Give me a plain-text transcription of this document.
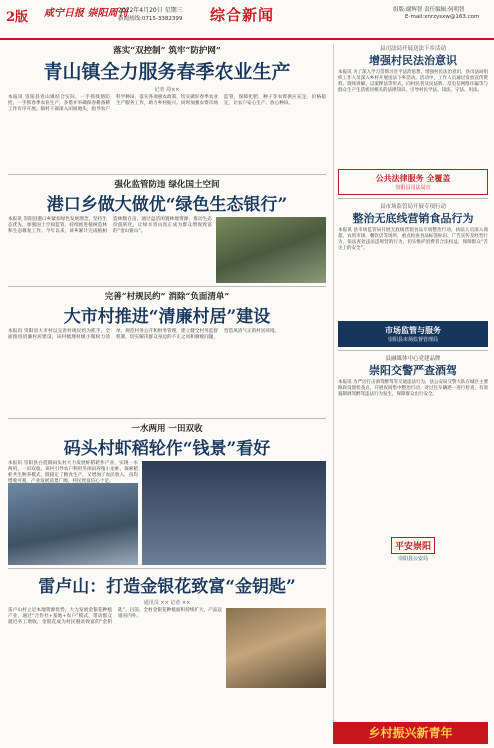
2版 咸宁日报 崇阳周刊
2022年4月20日 星期三
新闻热线:0715-3382399 综合新闻	组版:谢辉智 责任编辑:何明智
E-mail:xnrzysxw@163.com
落实“双控制” 筑牢“防护网”
青山镇全力服务春季农业生产
记者 周××
本报讯 崇阳县青山镇结合实际，一手抓疫情防控、一手抓春季农业生产，多措并举确保春耕备耕工作有序开展。镇村干部深入田间地头，指导农户科学种田，落实各项惠农政策，切实做好春季农业生产服务工作，助力乡村振兴。同时加强农资市场监管，保障化肥、种子等农资供应充足、价格稳定，让农户安心生产、放心种田。
强化监管防违 绿化国土空间
港口乡做大做优“绿色生态银行”
本报讯 崇阳县港口乡紧扣绿色发展理念，坚持生态优先，加强国土空间监管，持续推进植树造林和生态修复工作。今年以来，该乡累计完成植树造林数百亩，通过盘活闲置林地资源，推动生态价值转化，让绿水青山真正成为群众增收致富的“金山银山”。
完善“村规民约” 消除“负面清单”
大市村推进“清廉村居”建设
本报讯 崇阳县大市村以完善村规民约为抓手，全面推进清廉村居建设。该村梳理村级小微权力清单，规范村务公开和财务管理，建立健全村务监督机制，切实解决群众身边的不正之风和腐败问题，营造风清气正的村居环境。
一水两用 一田双收
码头村虾稻轮作“钱景”看好
本报讯 崇阳县白霓镇码头村大力发展虾稻轮作产业，实现一水两用、一田双收。该村引导农户利用冬闲田养殖小龙虾，探索稻虾共生种养模式，既稳定了粮食生产，又增加了农民收入，亩均增收可观，产业发展前景广阔，村民致富信心十足。
雷卢山：打造金银花致富“金钥匙”
通讯员 ×× 记者 ××
雷卢山村立足本地资源优势，大力发展金银花种植产业，通过“合作社+基地+农户”模式，带动群众就近务工增收，金银花成为村民脱贫致富的“金钥匙”。目前，全村金银花种植面积持续扩大，产品远销省内外。
县司法局开展送法下乡活动
增强村民法治意识
本报讯 为了深入学习贯彻习近平法治思想，增强村民法治意识，县司法局组织工作人员深入乡村开展送法下乡活动。活动中，工作人员通过发放宣传资料、现场讲解、以案释法等形式，向村民普及民法典、反电信网络诈骗等与群众生产生活密切相关的法律知识，引导村民学法、知法、守法、用法。
公共法律服务 全覆盖
崇阳县司法局宣
县市场监管局开展专项行动
整治无底线营销食品行为
本报讯 县市场监管局开展无底线营销食品专项整治行动，执法人员深入商超、农贸市场、餐饮店等场所，重点检查食品标签标识、广告宣传及经营行为，依法查处违法违规营销行为，切实维护消费者合法权益，保障群众“舌尖上的安全”。
市场监管与服务
崇阳县市场监督管理局
县融媒体中心党建品牌
崇阳交警严查酒驾
本报讯 为严厉打击酒驾醉驾等交通违法行为，县公安局交警大队在城区主要路段设置检查点，开展夜间集中整治行动，对过往车辆逐一进行检查，有效遏制酒驾醉驾违法行为发生，保障群众出行安全。
平安崇阳
崇阳县公安局
乡村振兴新青年
